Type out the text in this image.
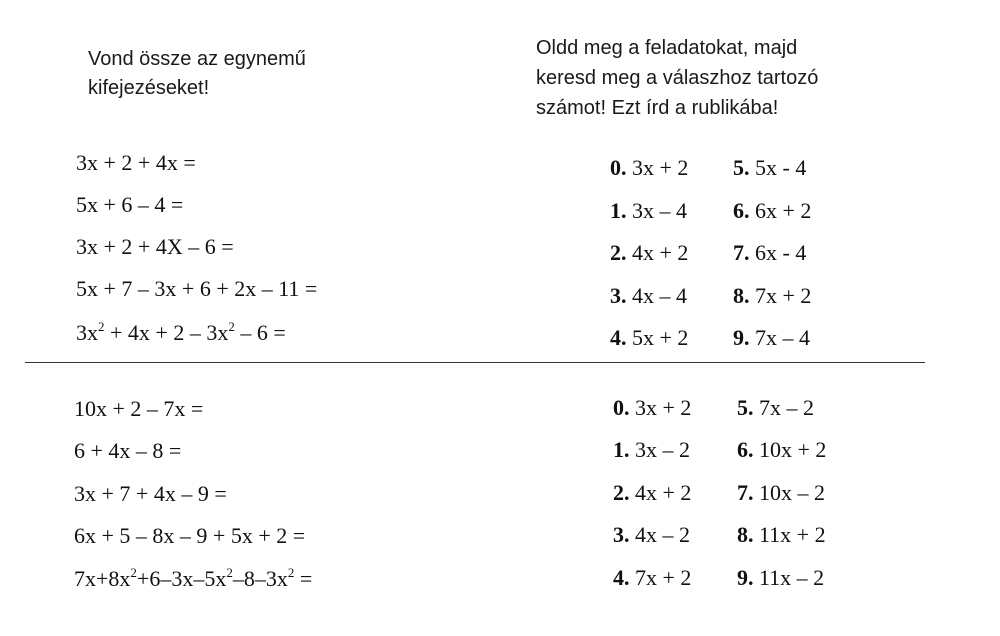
Vond össze az egynemű
kifejezéseket!
Oldd meg a feladatokat, majd
keresd meg a válaszhoz tartozó
számot! Ezt írd a rublikába!
3x + 2 + 4x =
5x + 6 – 4 =
3x + 2 + 4X – 6 =
5x + 7 – 3x + 6 + 2x – 11 =
$3x^2 + 4x + 2 - 3x^2 - 6$ =
0. 3x + 2
1. 3x – 4
2. 4x + 2
3. 4x – 4
4. 5x + 2
5. 5x - 4
6. 6x + 2
7. 6x - 4
8. 7x + 2
9. 7x – 4
10x + 2 – 7x =
6 + 4x – 8 =
3x + 7 + 4x – 9 =
6x + 5 – 8x – 9 + 5x + 2 =
$7x+8x^2+6-3x-5x^2-8-3x^2$ =
0. 3x + 2
1. 3x – 2
2. 4x + 2
3. 4x – 2
4. 7x + 2
5. 7x – 2
6. 10x + 2
7. 10x – 2
8. 11x + 2
9. 11x – 2
